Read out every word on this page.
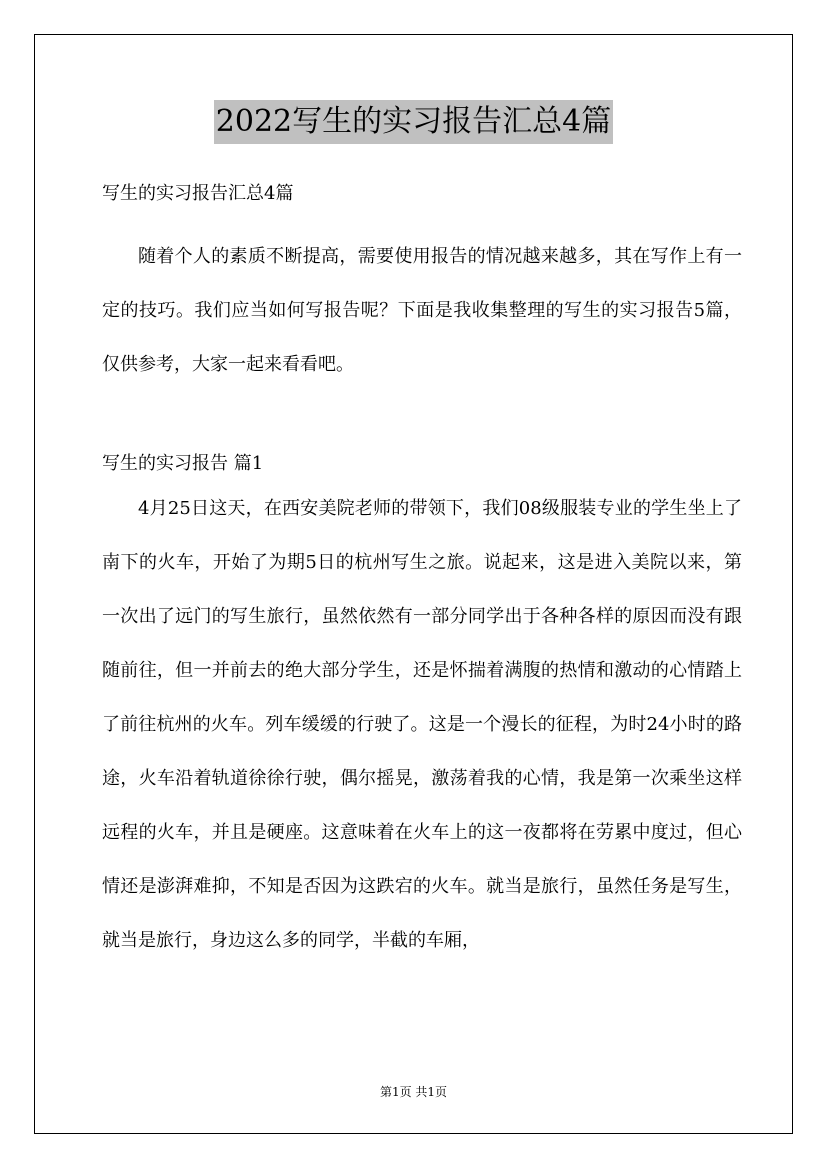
2022写生的实习报告汇总4篇

写生的实习报告汇总4篇

随着个人的素质不断提高，需要使用报告的情况越来越多，其在写作上有一定的技巧。我们应当如何写报告呢？下面是我收集整理的写生的实习报告5篇，仅供参考，大家一起来看看吧。

写生的实习报告 篇1

4月25日这天，在西安美院老师的带领下，我们08级服装专业的学生坐上了南下的火车，开始了为期5日的杭州写生之旅。说起来，这是进入美院以来，第一次出了远门的写生旅行，虽然依然有一部分同学出于各种各样的原因而没有跟随前往，但一并前去的绝大部分学生，还是怀揣着满腹的热情和激动的心情踏上了前往杭州的火车。列车缓缓的行驶了。这是一个漫长的征程，为时24小时的路途，火车沿着轨道徐徐行驶，偶尔摇晃，激荡着我的心情，我是第一次乘坐这样远程的火车，并且是硬座。这意味着在火车上的这一夜都将在劳累中度过，但心情还是澎湃难抑，不知是否因为这跌宕的火车。就当是旅行，虽然任务是写生，就当是旅行，身边这么多的同学，半截的车厢，

第1页 共1页
